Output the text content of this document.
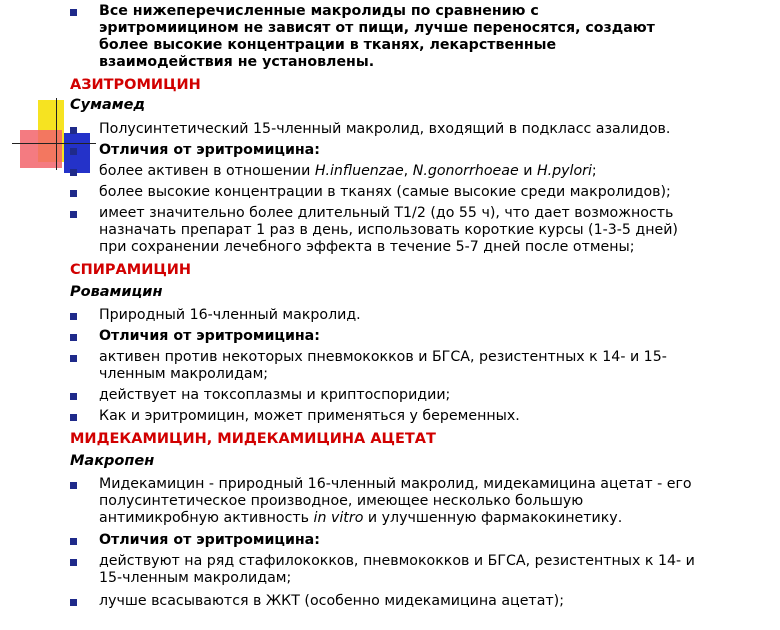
Все нижеперечисленные макролиды по сравнению с
эритромиицином не зависят от пищи, лучше переносятся, создают
более высокие концентрации в тканях, лекарственные
взаимодействия не установлены.
АЗИТРОМИЦИН
Сумамед
Полусинтетический 15-членный макролид, входящий в подкласс азалидов.
Отличия от эритромицина:
более активен в отношении H.influenzae, N.gonorrhoeae и H.pylori;
более высокие концентрации в тканях (самые высокие среди макролидов);
имеет значительно более длительный Т1/2 (до 55 ч), что дает возможность
назначать препарат 1 раз в день, использовать короткие курсы (1-3-5 дней)
при сохранении лечебного эффекта в течение 5-7 дней после отмены;
СПИРАМИЦИН
Ровамицин
Природный 16-членный макролид.
Отличия от эритромицина:
активен против некоторых пневмококков и БГСА, резистентных к 14- и 15-
членным макролидам;
действует на токсоплазмы и криптоспоридии;
Как и эритромицин, может применяться у беременных.
МИДЕКАМИЦИН, МИДЕКАМИЦИНА АЦЕТАТ
Макропен
Мидекамицин - природный 16-членный макролид, мидекамицина ацетат - его
полусинтетическое производное, имеющее несколько большую
антимикробную активность in vitro и улучшенную фармакокинетику.
Отличия от эритромицина:
действуют на ряд стафилококков, пневмококков и БГСА, резистентных к 14- и
15-членным макролидам;
лучше всасываются в ЖКТ (особенно мидекамицина ацетат);
